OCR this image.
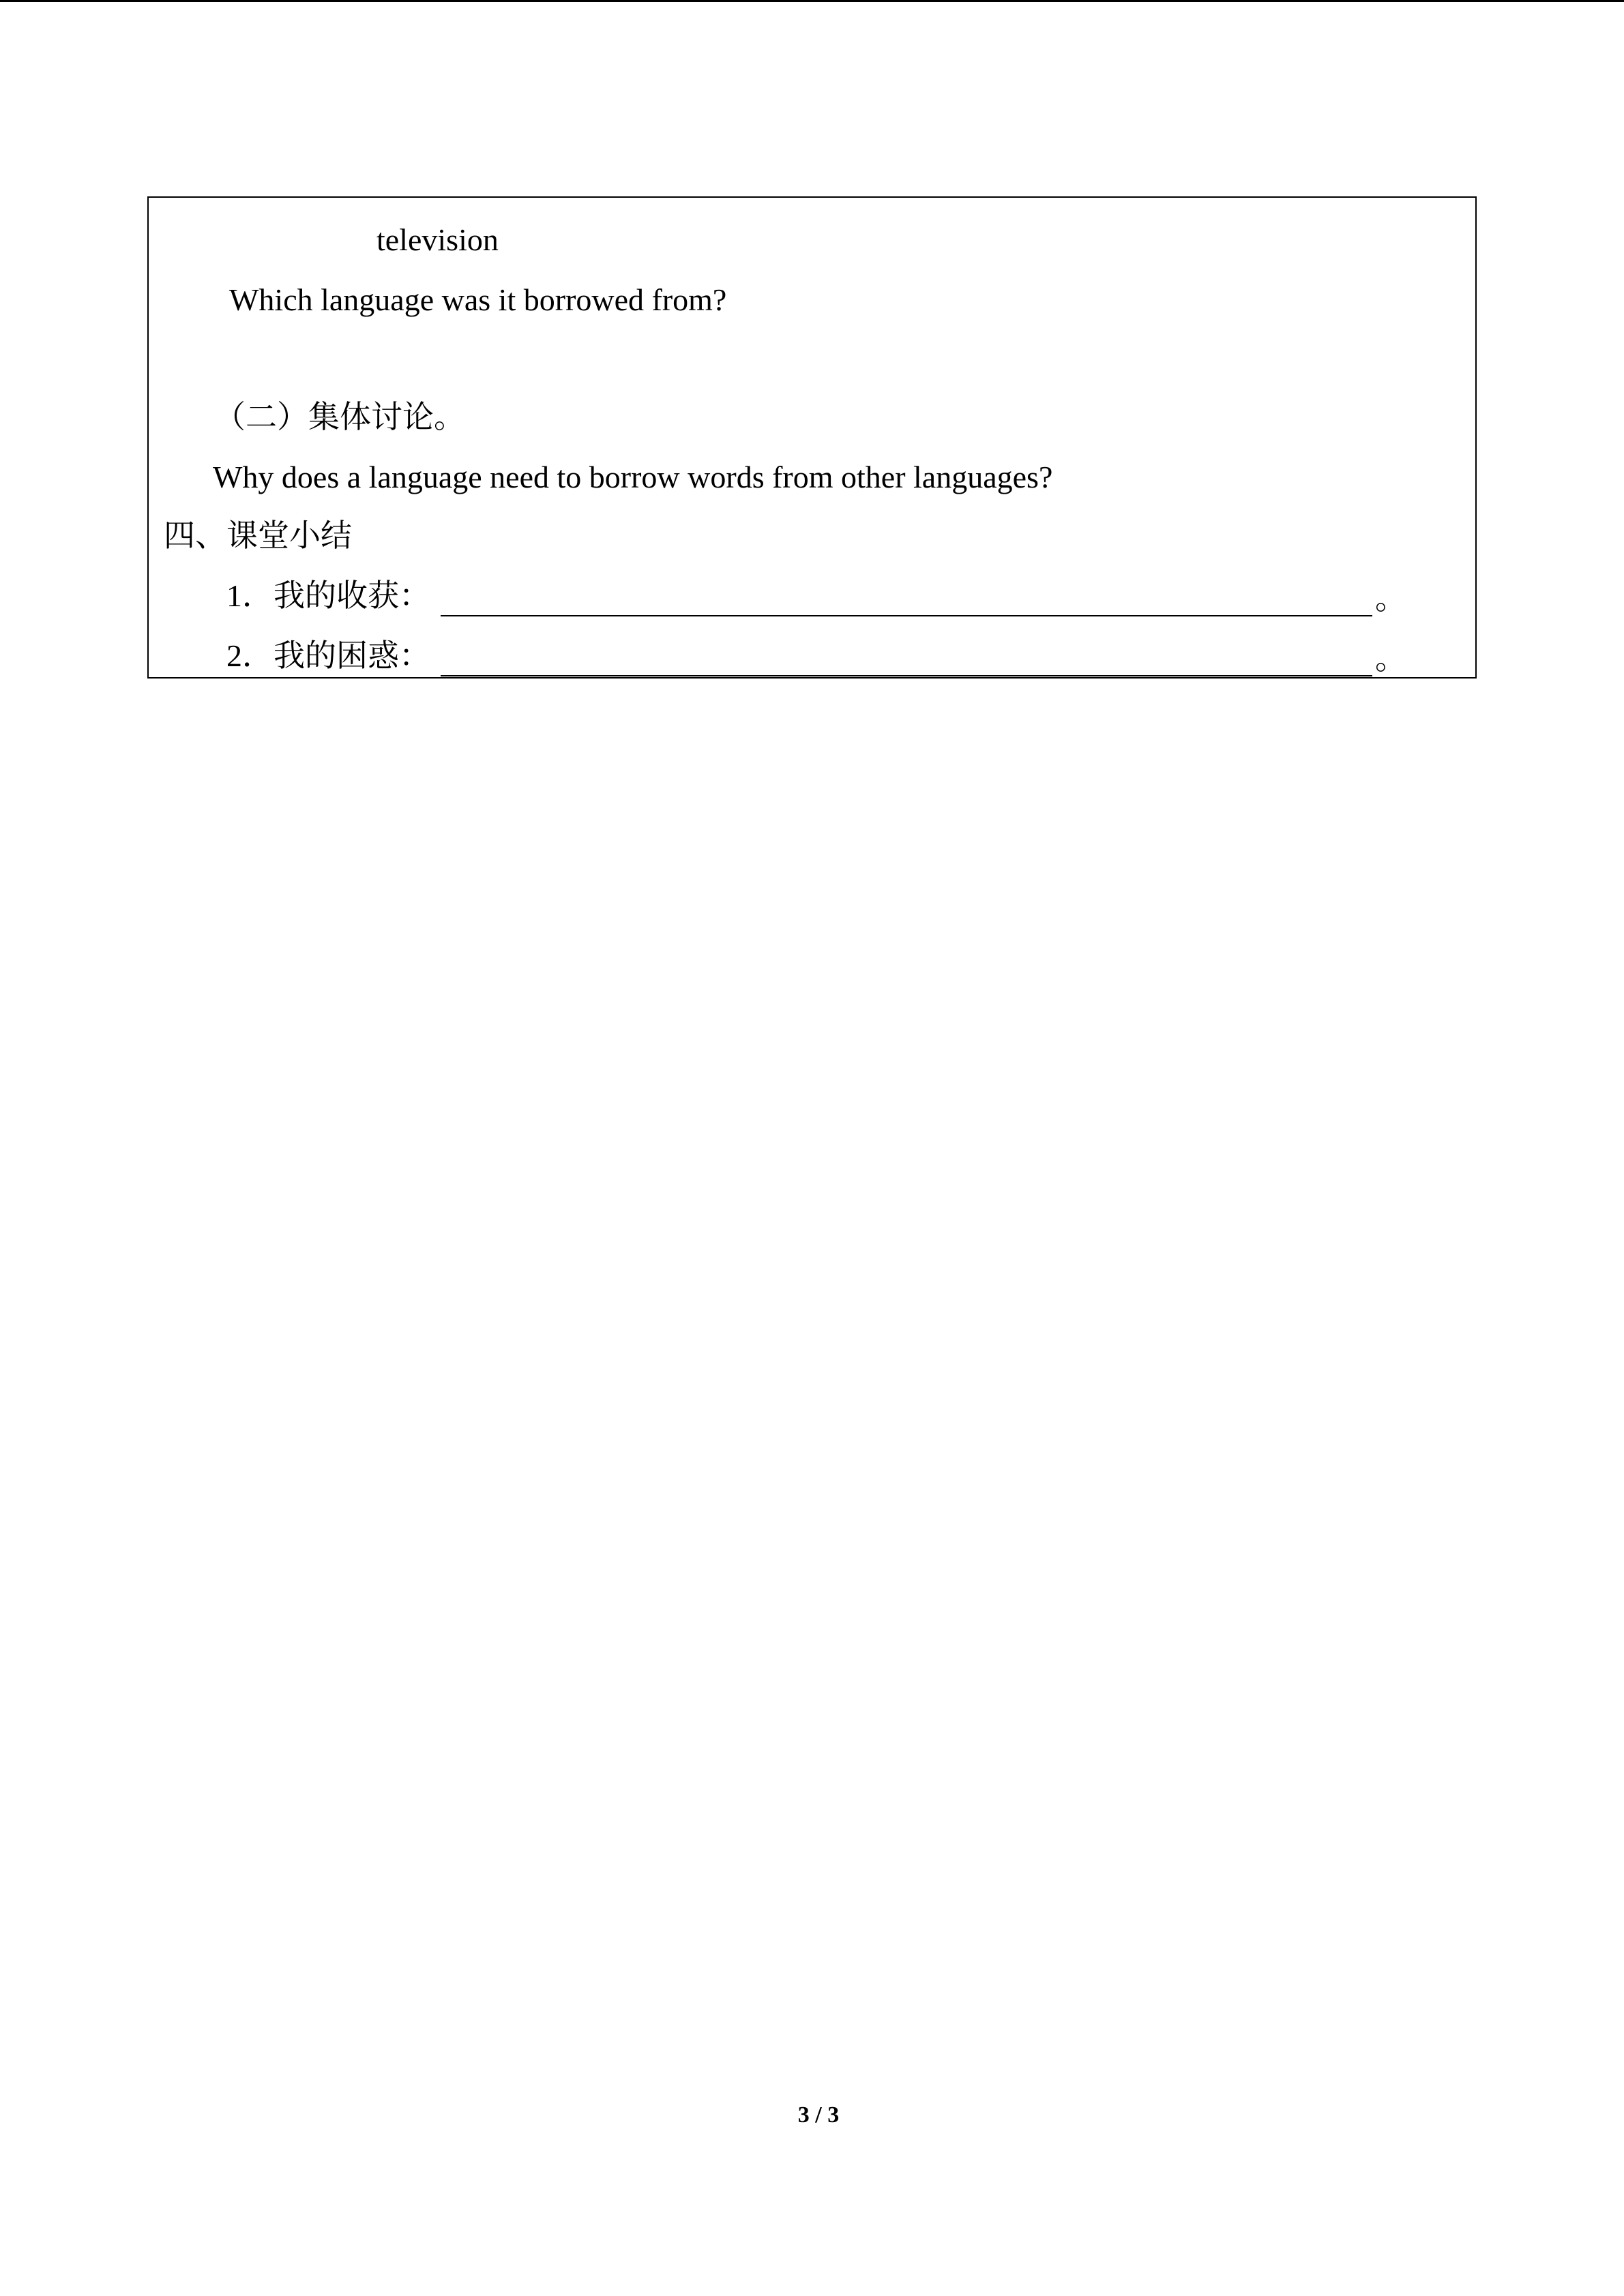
television
Which language was it borrowed from?
（二）集体讨论。
Why does a language need to borrow words from other languages?
四、课堂小结
1．我的收获：	。
2．我的困惑：	。
3 / 3
